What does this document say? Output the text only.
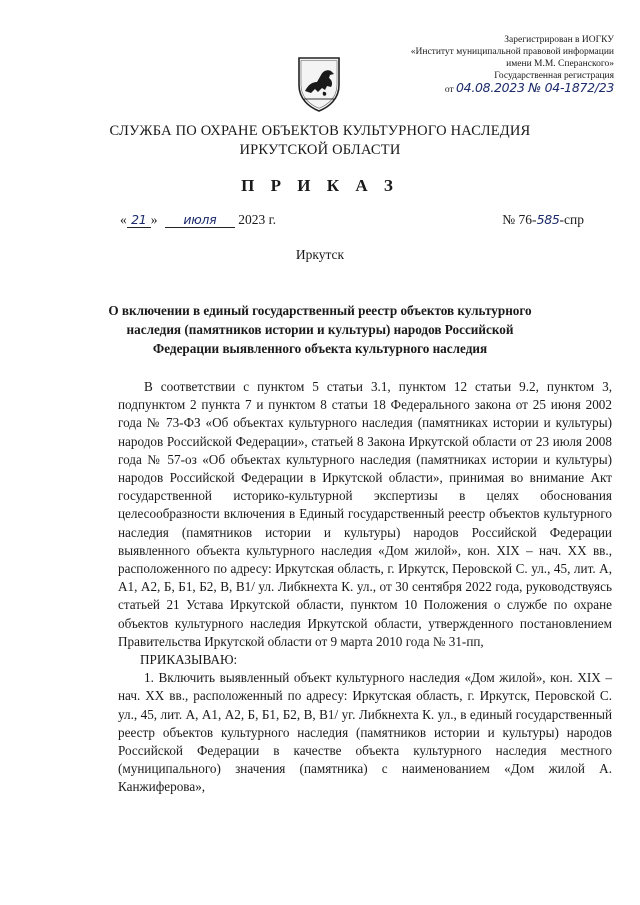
Зарегистрирован в ИОГКУ
«Институт муниципальной правовой информации
имени М.М. Сперанского»
Государственная регистрация
от 04.08.2023 № 04-1872/23
СЛУЖБА ПО ОХРАНЕ ОБЪЕКТОВ КУЛЬТУРНОГО НАСЛЕДИЯ
ИРКУТСКОЙ ОБЛАСТИ
П Р И К А З
« 21 » июля 2023 г.	№ 76-585-спр
Иркутск
О включении в единый государственный реестр объектов культурного наследия (памятников истории и культуры) народов Российской Федерации выявленного объекта культурного наследия

В соответствии с пунктом 5 статьи 3.1, пунктом 12 статьи 9.2, пунктом 3, подпунктом 2 пункта 7 и пунктом 8 статьи 18 Федерального закона от 25 июня 2002 года № 73-ФЗ «Об объектах культурного наследия (памятниках истории и культуры) народов Российской Федерации», статьей 8 Закона Иркутской области от 23 июля 2008 года № 57-оз «Об объектах культурного наследия (памятниках истории и культуры) народов Российской Федерации в Иркутской области», принимая во внимание Акт государственной историко-культурной экспертизы в целях обоснования целесообразности включения в Единый государственный реестр объектов культурного наследия (памятников истории и культуры) народов Российской Федерации выявленного объекта культурного наследия «Дом жилой», кон. XIX – нач. XX вв., расположенного по адресу: Иркутская область, г. Иркутск, Перовской С. ул., 45, лит. А, А1, А2, Б, Б1, Б2, В, В1/ ул. Либкнехта К. ул., от 30 сентября 2022 года, руководствуясь статьей 21 Устава Иркутской области, пунктом 10 Положения о службе по охране объектов культурного наследия Иркутской области, утвержденного постановлением Правительства Иркутской области от 9 марта 2010 года № 31-пп,

ПРИКАЗЫВАЮ:

1. Включить выявленный объект культурного наследия «Дом жилой», кон. XIX – нач. XX вв., расположенный по адресу: Иркутская область, г. Иркутск, Перовской С. ул., 45, лит. А, А1, А2, Б, Б1, Б2, В, В1/ уг. Либкнехта К. ул., в единый государственный реестр объектов культурного наследия (памятников истории и культуры) народов Российской Федерации в качестве объекта культурного наследия местного (муниципального) значения (памятника) с наименованием «Дом жилой А. Канжиферова»,
